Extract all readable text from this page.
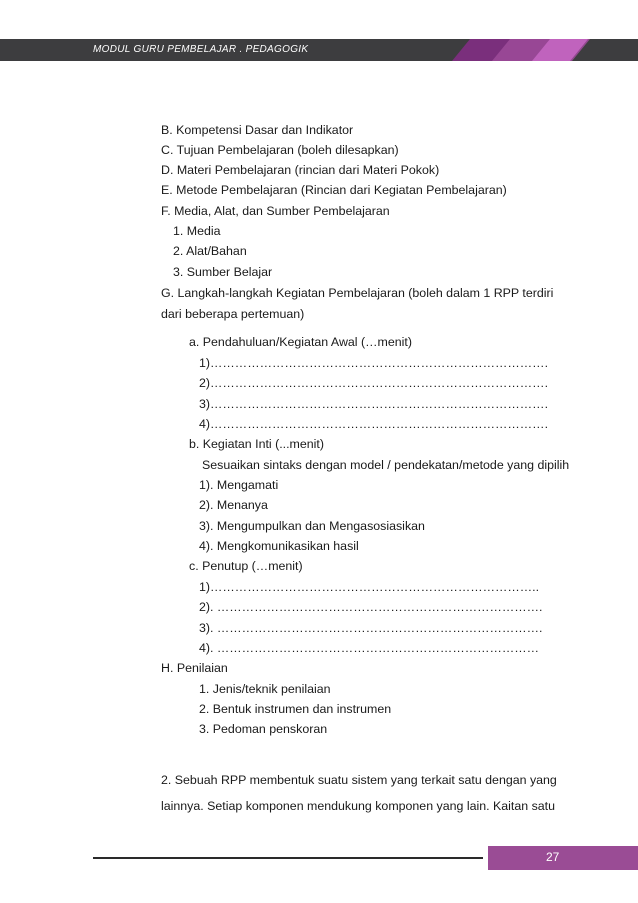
MODUL GURU PEMBELAJAR . PEDAGOGIK
B. Kompetensi Dasar dan Indikator
C. Tujuan Pembelajaran (boleh dilesapkan)
D. Materi Pembelajaran (rincian dari Materi Pokok)
E. Metode Pembelajaran (Rincian dari Kegiatan Pembelajaran)
F. Media, Alat, dan Sumber Pembelajaran
1. Media
2. Alat/Bahan
3. Sumber Belajar
G. Langkah-langkah Kegiatan Pembelajaran (boleh dalam 1 RPP terdiri
dari beberapa pertemuan)
a. Pendahuluan/Kegiatan Awal (…menit)
1)……………………………………………………………………….
2)……………………………………………………………………….
3)……………………………………………………………………….
4)……………………………………………………………………….
b. Kegiatan Inti (...menit)
Sesuaikan sintaks dengan model / pendekatan/metode yang dipilih
1). Mengamati
2). Menanya
3). Mengumpulkan dan Mengasosiasikan
4). Mengkomunikasikan hasil
c. Penutup (…menit)
1)……………………………………………………………………..
2). …………………………………………………………………….
3). …………………………………………………………………….
4). ……………………………………………………………………
H. Penilaian
1. Jenis/teknik penilaian
2. Bentuk instrumen dan instrumen
3. Pedoman penskoran
2. Sebuah RPP membentuk suatu sistem yang terkait satu dengan yang
lainnya. Setiap komponen mendukung komponen yang lain. Kaitan satu
27
